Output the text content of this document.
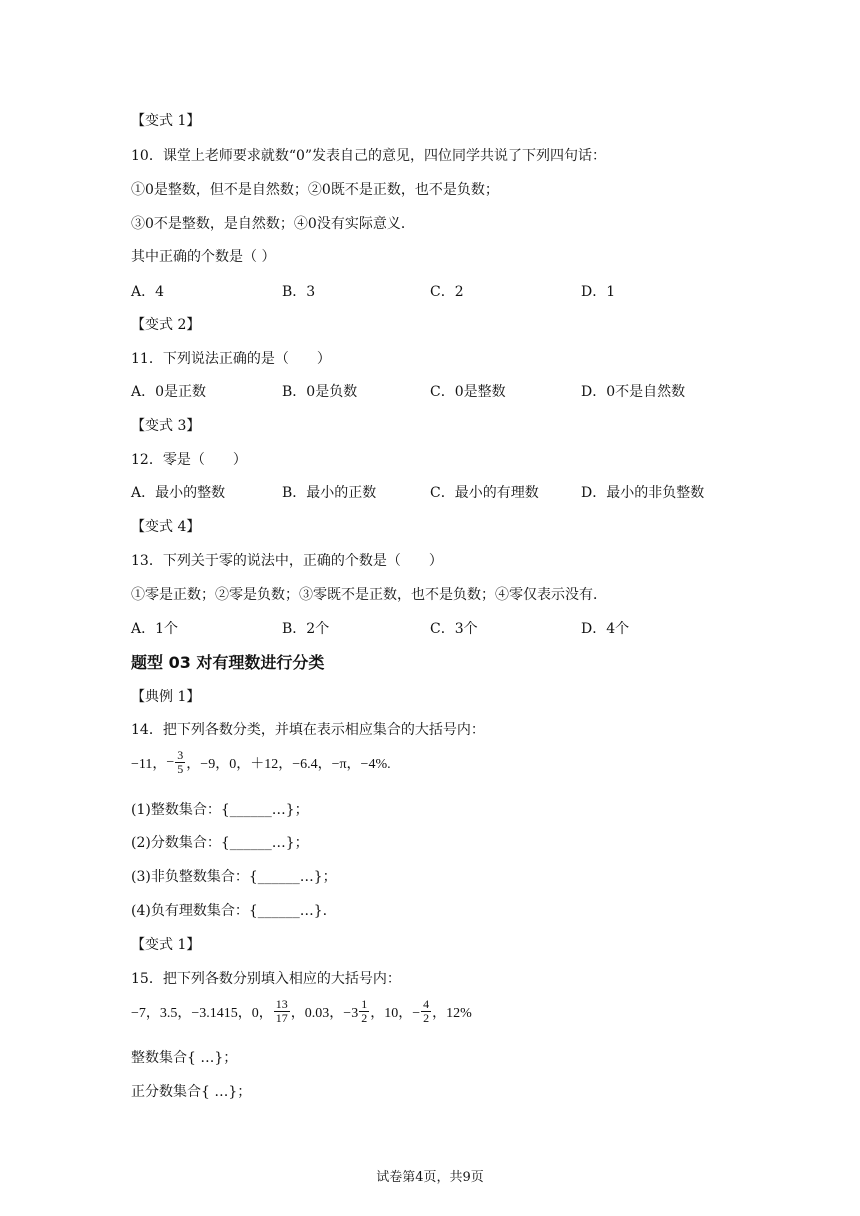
【变式 1】
10．课堂上老师要求就数“0”发表自己的意见，四位同学共说了下列四句话：
①0是整数，但不是自然数；②0既不是正数，也不是负数；
③0不是整数，是自然数；④0没有实际意义．
其中正确的个数是（ ）
A．4	B．3	C．2	D．1
【变式 2】
11．下列说法正确的是（　　）
A．0是正数	B．0是负数	C．0是整数	D．0不是自然数
【变式 3】
12．零是（　　）
A．最小的整数	B．最小的正数	C．最小的有理数	D．最小的非负整数
【变式 4】
13．下列关于零的说法中，正确的个数是（　　）
①零是正数；②零是负数；③零既不是正数，也不是负数；④零仅表示没有．
A．1个	B．2个	C．3个	D．4个
题型 03 对有理数进行分类
【典例 1】
14．把下列各数分类，并填在表示相应集合的大括号内：
−11， − $\frac{3}{5}$ ，−9，0，＋12，−6.4，−π，−4%.
(1)整数集合：{______…}；
(2)分数集合：{______…}；
(3)非负整数集合：{______…}；
(4)负有理数集合：{______…}.
【变式 1】
15．把下列各数分别填入相应的大括号内：
−7，3.5，−3.1415，0， $\frac{13}{17}$ ，0.03，$-3 \frac{1}{2}$ ，10，− $\frac{4}{2}$ ，12%
整数集合{ …}；
正分数集合{ …}；
试卷第4页，共9页
